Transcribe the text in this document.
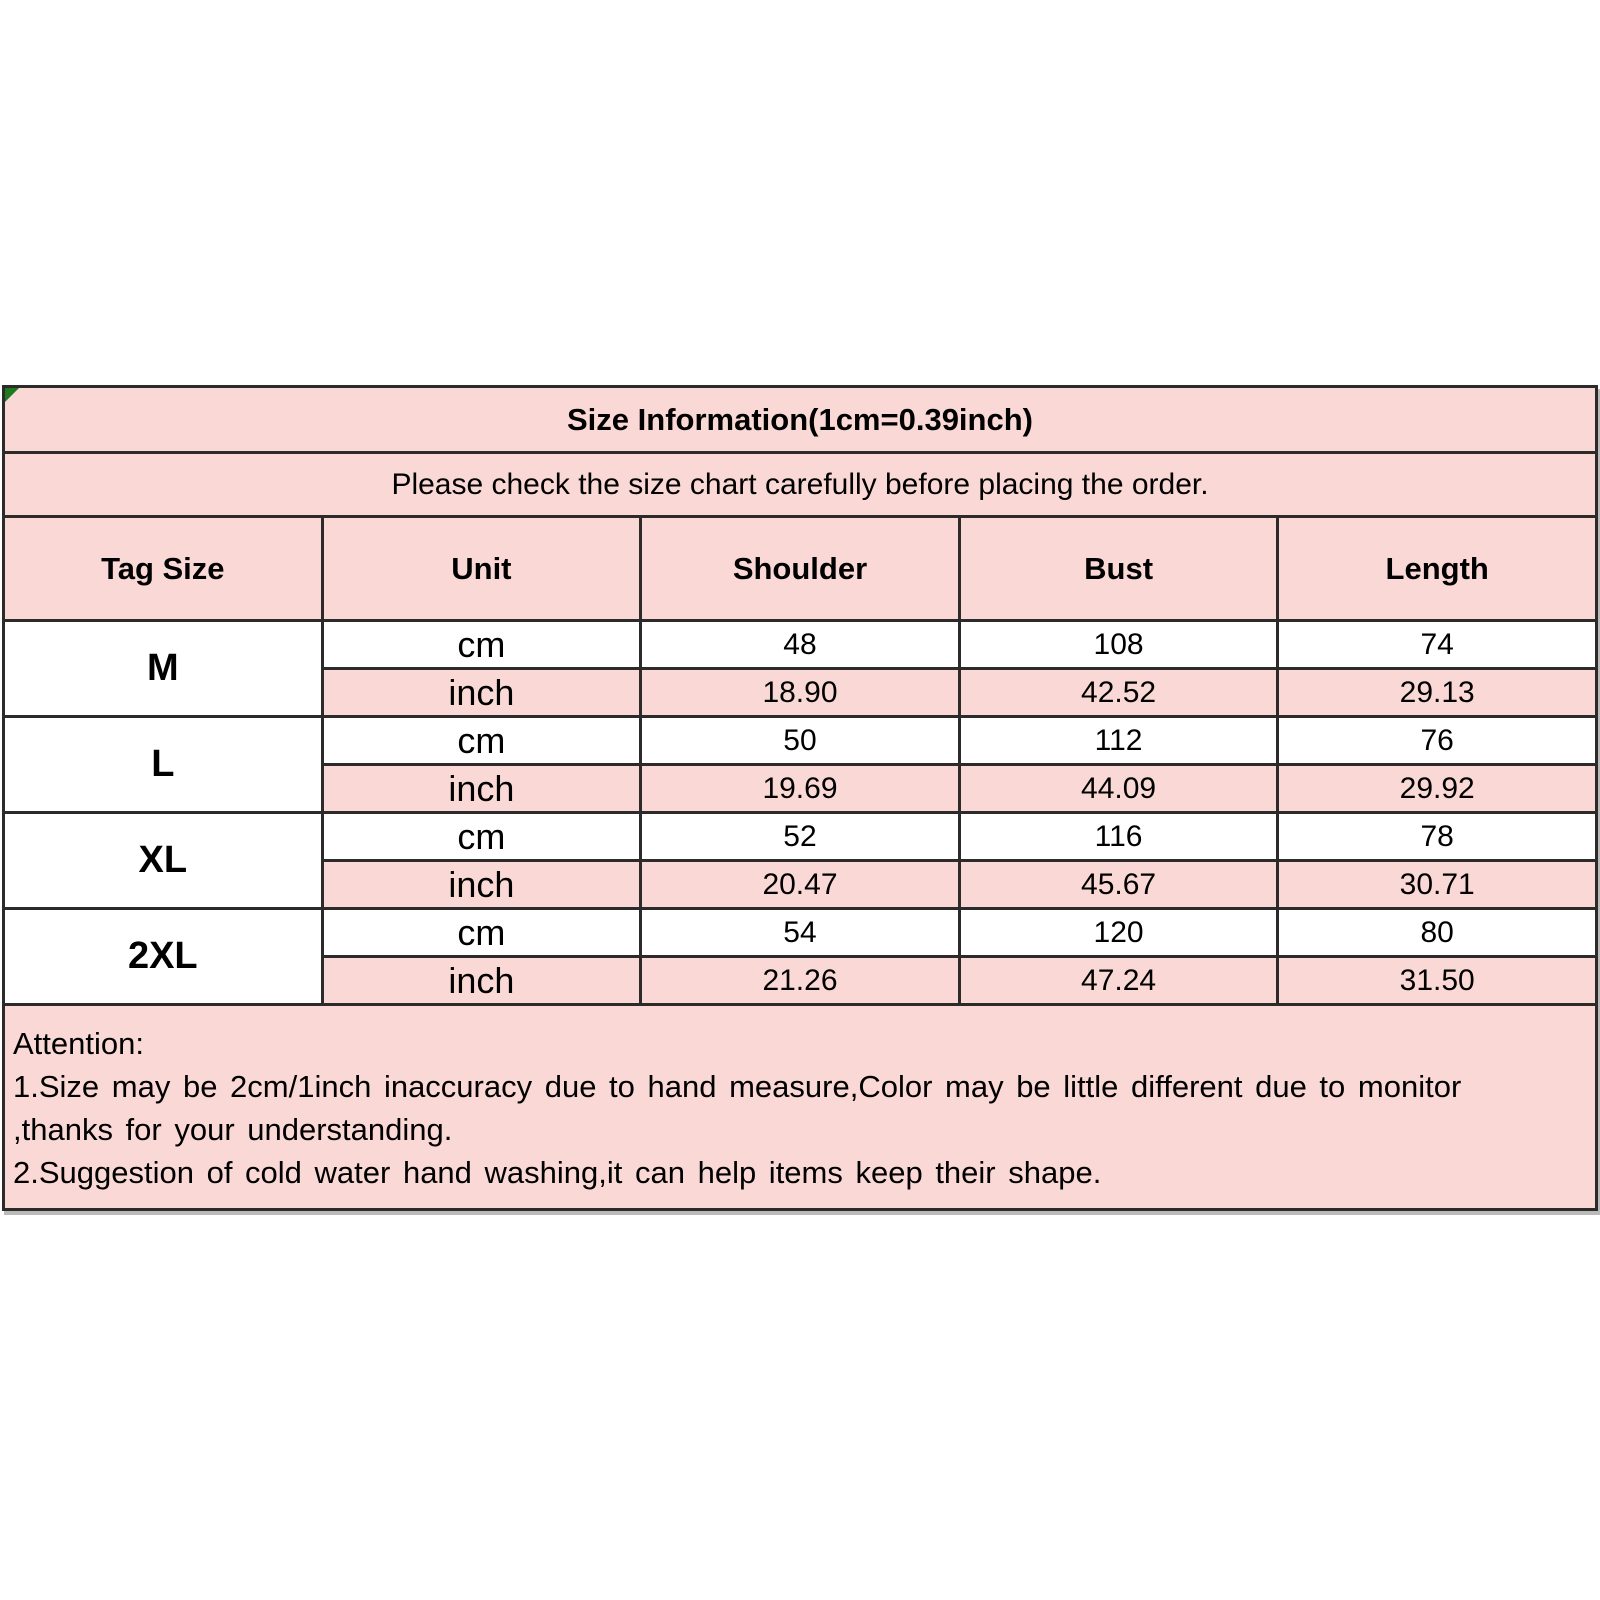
Size Information(1cm=0.39inch)				
Please check the size chart carefully before placing the order.				
Tag Size	Unit	Shoulder	Bust	Length
M	cm	48	108	74
	inch	18.90	42.52	29.13
L	cm	50	112	76
	inch	19.69	44.09	29.92
XL	cm	52	116	78
	inch	20.47	45.67	30.71
2XL	cm	54	120	80
	inch	21.26	47.24	31.50
Attention:
1.Size may be 2cm/1inch inaccuracy due to hand measure,Color may be little different due to monitor
,thanks for your understanding.
2.Suggestion of cold water hand washing,it can help items keep their shape.
